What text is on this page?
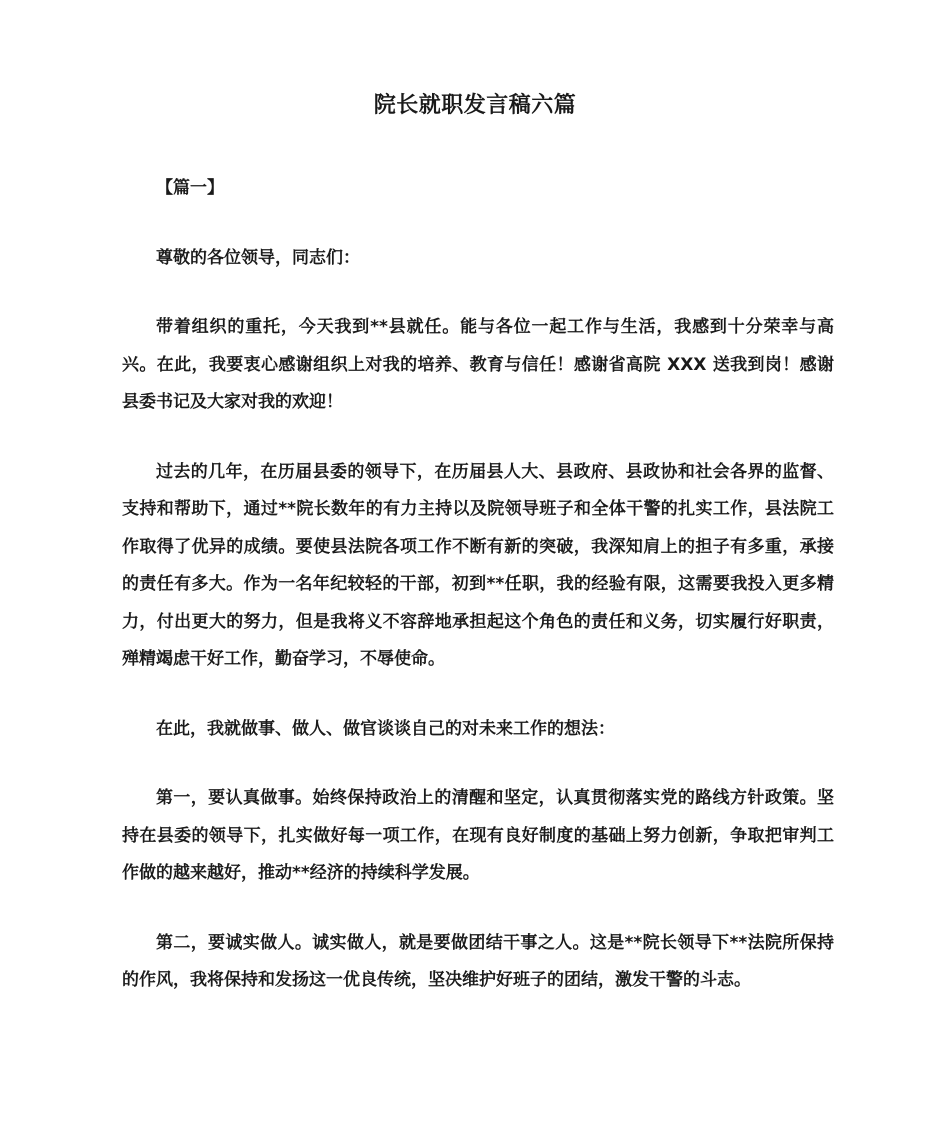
院长就职发言稿六篇

【篇一】

尊敬的各位领导，同志们：

带着组织的重托，今天我到**县就任。能与各位一起工作与生活，我感到十分荣幸与高兴。在此，我要衷心感谢组织上对我的培养、教育与信任！感谢省高院 XXX 送我到岗！感谢县委书记及大家对我的欢迎！

过去的几年，在历届县委的领导下，在历届县人大、县政府、县政协和社会各界的监督、支持和帮助下，通过**院长数年的有力主持以及院领导班子和全体干警的扎实工作，县法院工作取得了优异的成绩。要使县法院各项工作不断有新的突破，我深知肩上的担子有多重，承接的责任有多大。作为一名年纪较轻的干部，初到**任职，我的经验有限，这需要我投入更多精力，付出更大的努力，但是我将义不容辞地承担起这个角色的责任和义务，切实履行好职责，殚精竭虑干好工作，勤奋学习，不辱使命。

在此，我就做事、做人、做官谈谈自己的对未来工作的想法：

第一，要认真做事。始终保持政治上的清醒和坚定，认真贯彻落实党的路线方针政策。坚持在县委的领导下，扎实做好每一项工作，在现有良好制度的基础上努力创新，争取把审判工作做的越来越好，推动**经济的持续科学发展。

第二，要诚实做人。诚实做人，就是要做团结干事之人。这是**院长领导下**法院所保持的作风，我将保持和发扬这一优良传统，坚决维护好班子的团结，激发干警的斗志。
